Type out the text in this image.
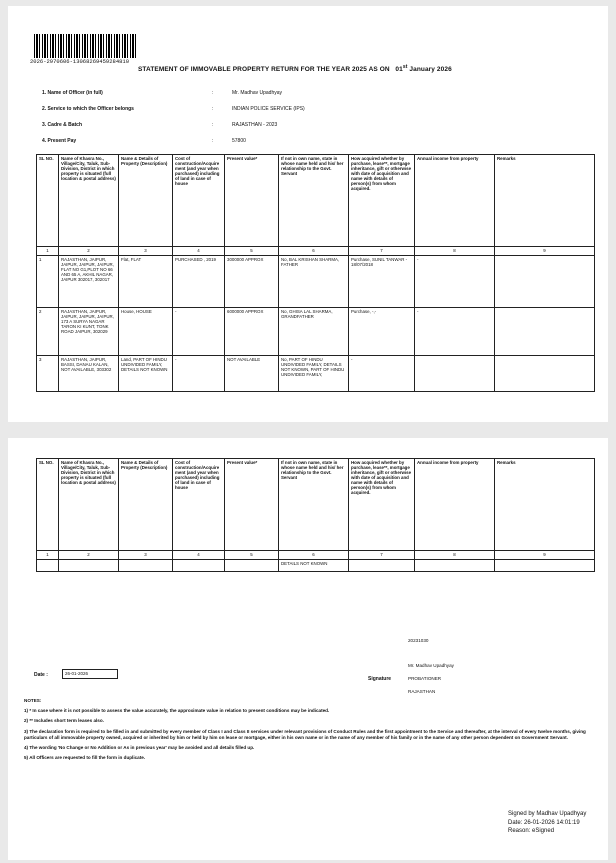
2026-2970606-13068269459284810
STATEMENT OF IMMOVABLE PROPERTY RETURN FOR THE YEAR 2025 AS ON 01st January 2026
1. Name of Officer (in full)	:	Mr. Madhav Upadhyay
2. Service to which the Officer belongs	:	INDIAN POLICE SERVICE (IPS)
3. Cadre & Batch	:	RAJASTHAN - 2023
4. Present Pay	:	57800
SL NO.	Name of Khasra No., Village/City, Taluk, Sub-Division, District in which property is situated (full location & postal address)	Name & Details of Property (Description)	Cost of construction/Acquirement (and year when purchased) including of land in case of house	Present value*	If not in own name, state in whose name held and his/ her relationship to the Govt. Servant	How acquired whether by purchase, lease**, mortgage inheritance, gift or otherwise with date of acquisition and name with details of person(s) from whom acquired.	Annual income from property	Remarks
1	2	3	4	5	6	7	8	9
1	RAJASTHAN, JAIPUR, JAIPUR, JAIPUR, JAIPUR, FLAT NO G1,PLOT NO 66 AND 65 A, AKHIL NAGAR, JAIPUR 302017, 302017	Flat, FLAT	PURCHASED , 2019	3000000 APPROX	No, BAL KRISHAN SHARMA, FATHER	Purchase, SUNIL TANWAR - 18/07/2018	-	
2	RAJASTHAN, JAIPUR, JAIPUR, JAIPUR, JAIPUR, 173 A SURYA NAGAR TARON KI KUNT, TONK ROAD JAIPUR, 302029	House, HOUSE	-	6000000 APPROX	No, GHISA LAL SHARMA, GRANDFATHER	Purchase, -,-	-	
3	RAJASTHAN, JAIPUR, BASSI, DANAU KALAN, NOT AVAILABLE, 303302	Land, PART OF HINDU UNDIVIDED FAMILY, DETAILS NOT KNOWN	-	NOT AVAILABLE	No, PART OF HINDU UNDIVIDED FAMILY, DETAILS NOT KNOWN, PART OF HINDU UNDIVIDED FAMILY,	-		
SL NO.	Name of Khasra No., Village/City, Taluk, Sub-Division, District in which property is situated (full location & postal address)	Name & Details of Property (Description)	Cost of construction/Acquirement (and year when purchased) including of land in case of house	Present value*	If not in own name, state in whose name held and his/ her relationship to the Govt. Servant	How acquired whether by purchase, lease**, mortgage inheritance, gift or otherwise with date of acquisition and name with details of person(s) from whom acquired.	Annual income from property	Remarks
1	2	3	4	5	6	7	8	9
					DETAILS NOT KNOWN			
20231030
Mr. Madhav Upadhyay
Signature	PROBATIONER
RAJASTHAN
Date :	26-01-2026

NOTES:

1) * In case where it is not possible to assess the value accurately, the approximate value in relation to present conditions may be indicated.

2) ** Includes short term leases also.

3) The declaration form is required to be filled in and submitted by every member of Class I and Class II services under relevant provisions of Conduct Rules and the first appointment to the Service and thereafter, at the interval of every twelve months, giving particulars of all immovable property owned, acquired or inherited by him or held by him on lease or mortgage, either in his own name or in the name of any member of his family or in the name of any other person dependent on Government Servant.

4) The wording 'No Change or No Addition or As in previous year' may be avoided and all details filled up.

5) All Officers are requested to fill the form in duplicate.

Signed by Madhav Upadhyay
Date: 26-01-2026 14:01:19
Reason: eSigned
